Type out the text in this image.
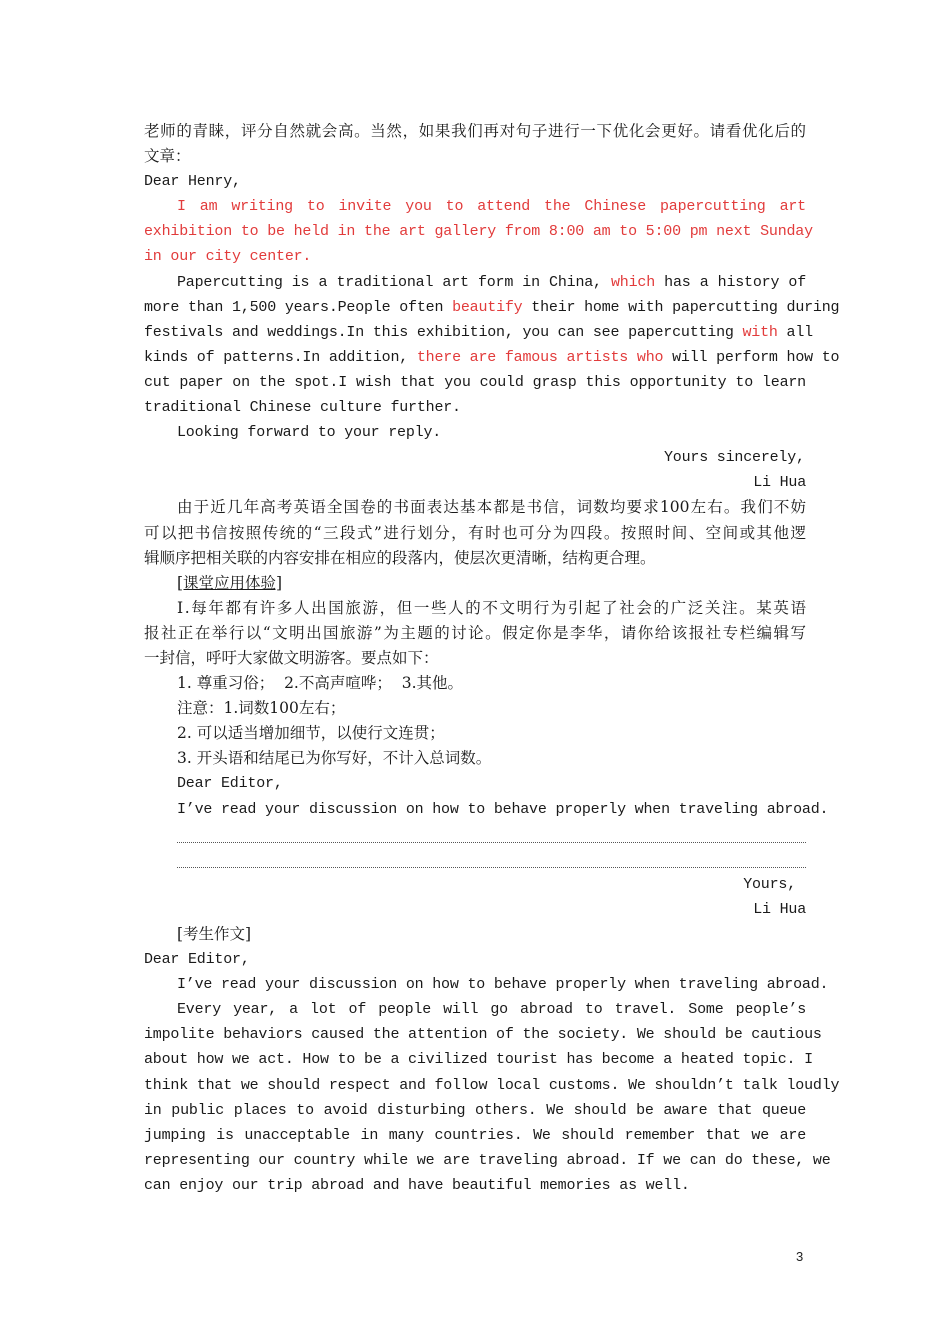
老师的青睐，评分自然就会高。当然，如果我们再对句子进行一下优化会更好。请看优化后的
文章：
Dear Henry,
I am writing to invite you to attend the Chinese papercutting art
exhibition to be held in the art gallery from 8:00 am to 5:00 pm next Sunday
in our city center.
Papercutting is a traditional art form in China, which has a history of
more than 1,500 years.People often beautify their home with papercutting during
festivals and weddings.In this exhibition, you can see papercutting with all
kinds of patterns.In addition, there are famous artists who will perform how to
cut paper on the spot.I wish that you could grasp this opportunity to learn
traditional Chinese culture further.
Looking forward to your reply.
Yours sincerely,
Li Hua
由于近几年高考英语全国卷的书面表达基本都是书信，词数均要求100左右。我们不妨
可以把书信按照传统的“三段式”进行划分，有时也可分为四段。按照时间、空间或其他逻
辑顺序把相关联的内容安排在相应的段落内，使层次更清晰，结构更合理。
[课堂应用体验]
Ⅰ.每年都有许多人出国旅游，但一些人的不文明行为引起了社会的广泛关注。某英语
报社正在举行以“文明出国旅游”为主题的讨论。假定你是李华，请你给该报社专栏编辑写
一封信，呼吁大家做文明游客。要点如下：
1. 尊重习俗；  2.不高声喧哗；  3.其他。
注意：1.词数100左右；
2. 可以适当增加细节，以使行文连贯；
3. 开头语和结尾已为你写好，不计入总词数。
Dear Editor,
I’ve read your discussion on how to behave properly when traveling abroad.
Yours,
Li Hua
[考生作文]
Dear Editor,
I’ve read your discussion on how to behave properly when traveling abroad.
Every year, a lot of people will go abroad to travel. Some people’s
impolite behaviors caused the attention of the society. We should be cautious
about how we act. How to be a civilized tourist has become a heated topic. I
think that we should respect and follow local customs. We shouldn’t talk loudly
in public places to avoid disturbing others. We should be aware that queue
jumping is unacceptable in many countries. We should remember that we are
representing our country while we are traveling abroad. If we can do these, we
can enjoy our trip abroad and have beautiful memories as well.
3
